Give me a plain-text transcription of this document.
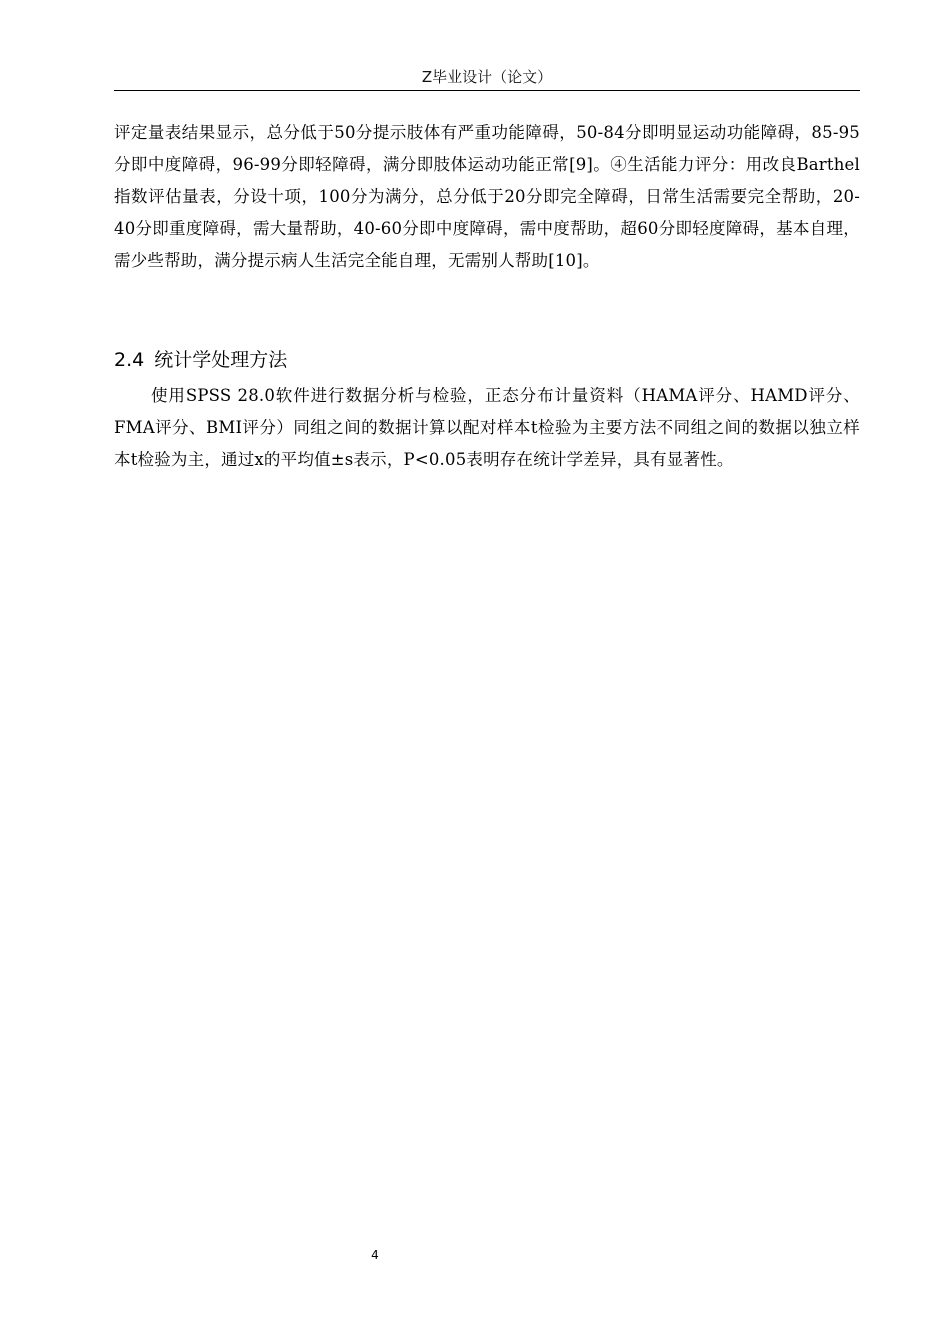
Z毕业设计（论文）

评定量表结果显示，总分低于50分提示肢体有严重功能障碍，50-84分即明显运动功能障碍，85-95分即中度障碍，96-99分即轻障碍，满分即肢体运动功能正常[9]。④生活能力评分：用改良Barthel指数评估量表，分设十项，100分为满分，总分低于20分即完全障碍，日常生活需要完全帮助，20-40分即重度障碍，需大量帮助，40-60分即中度障碍，需中度帮助，超60分即轻度障碍，基本自理，需少些帮助，满分提示病人生活完全能自理，无需别人帮助[10]。

2.4 统计学处理方法

使用SPSS 28.0软件进行数据分析与检验，正态分布计量资料（HAMA评分、HAMD评分、FMA评分、BMI评分）同组之间的数据计算以配对样本t检验为主要方法不同组之间的数据以独立样本t检验为主，通过x的平均值±s表示，P<0.05表明存在统计学差异，具有显著性。

4
